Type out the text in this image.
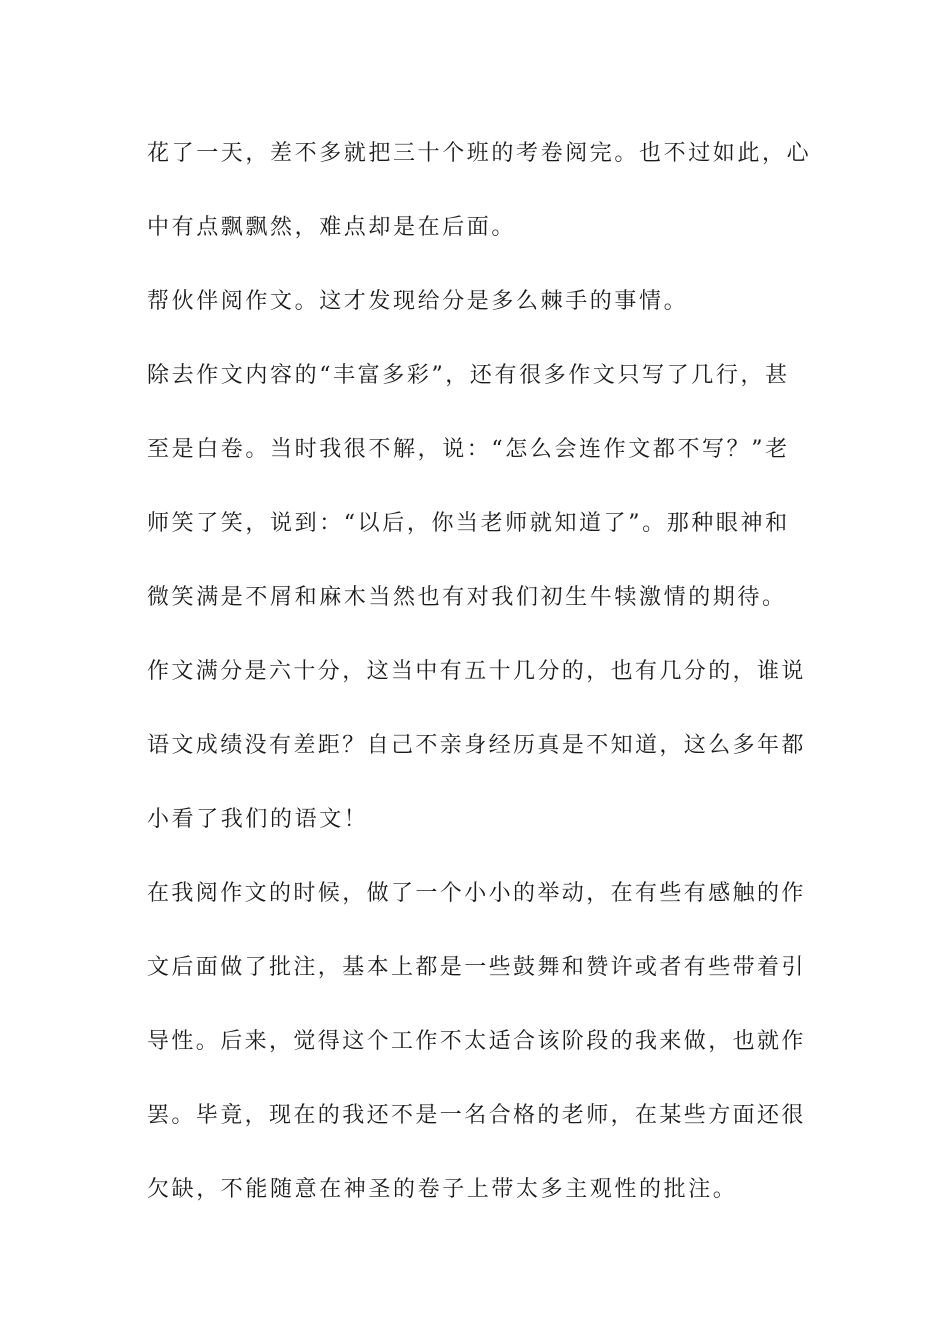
花了一天，差不多就把三十个班的考卷阅完。也不过如此，心
中有点飘飘然，难点却是在后面。
帮伙伴阅作文。这才发现给分是多么棘手的事情。
除去作文内容的“丰富多彩”，还有很多作文只写了几行，甚
至是白卷。当时我很不解，说：“怎么会连作文都不写？”老
师笑了笑，说到：“以后，你当老师就知道了”。那种眼神和
微笑满是不屑和麻木当然也有对我们初生牛犊激情的期待。
作文满分是六十分，这当中有五十几分的，也有几分的，谁说
语文成绩没有差距？自己不亲身经历真是不知道，这么多年都
小看了我们的语文！
在我阅作文的时候，做了一个小小的举动，在有些有感触的作
文后面做了批注，基本上都是一些鼓舞和赞许或者有些带着引
导性。后来，觉得这个工作不太适合该阶段的我来做，也就作
罢。毕竟，现在的我还不是一名合格的老师，在某些方面还很
欠缺，不能随意在神圣的卷子上带太多主观性的批注。
